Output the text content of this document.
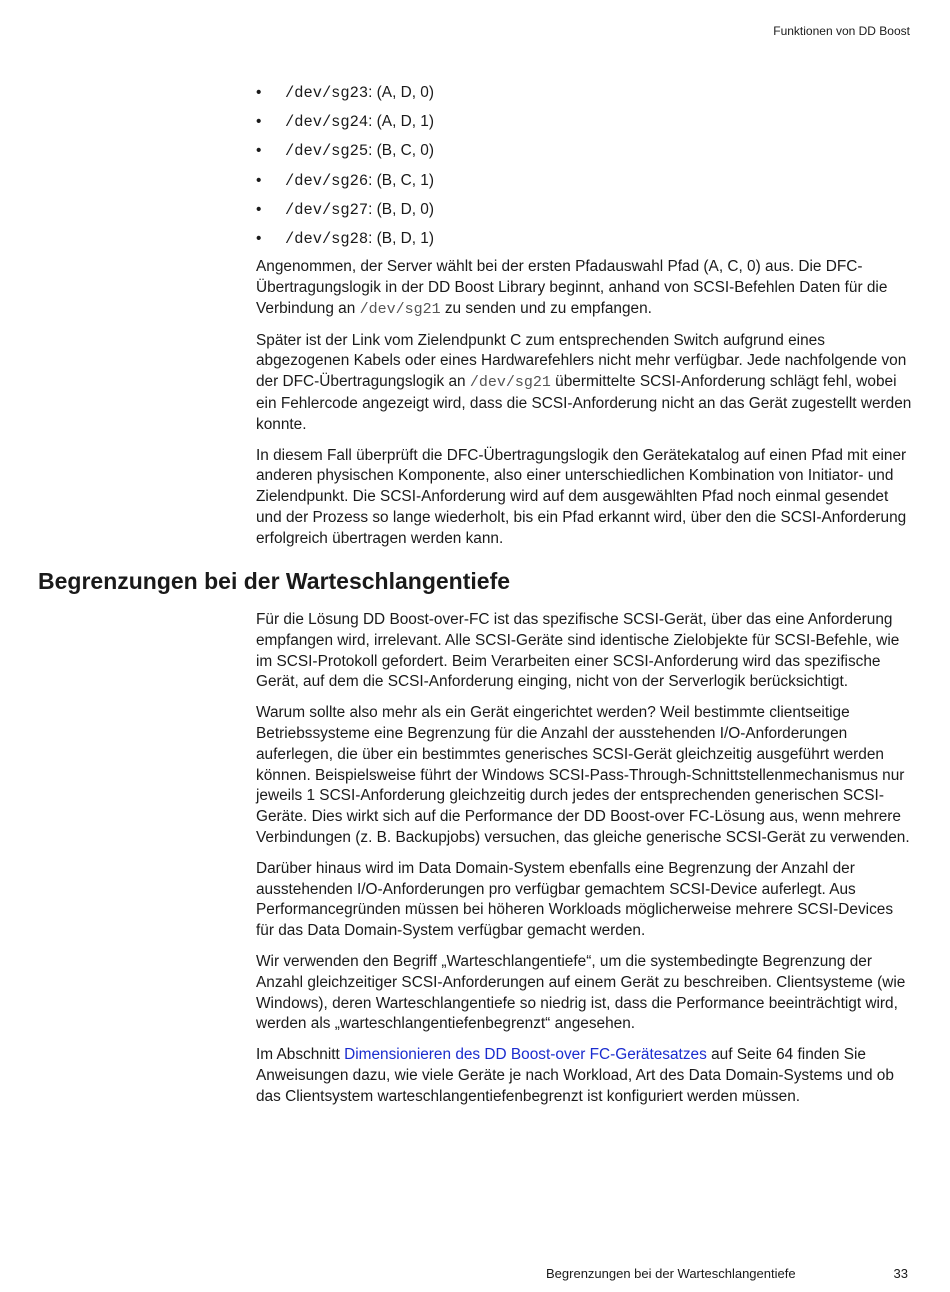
Funktionen von DD Boost
• /dev/sg23: (A, D, 0)
• /dev/sg24: (A, D, 1)
• /dev/sg25: (B, C, 0)
• /dev/sg26: (B, C, 1)
• /dev/sg27: (B, D, 0)
• /dev/sg28: (B, D, 1)

Angenommen, der Server wählt bei der ersten Pfadauswahl Pfad (A, C, 0) aus. Die DFC-Übertragungslogik in der DD Boost Library beginnt, anhand von SCSI-Befehlen Daten für die Verbindung an /dev/sg21 zu senden und zu empfangen.

Später ist der Link vom Zielendpunkt C zum entsprechenden Switch aufgrund eines abgezogenen Kabels oder eines Hardwarefehlers nicht mehr verfügbar. Jede nachfolgende von der DFC-Übertragungslogik an /dev/sg21 übermittelte SCSI-Anforderung schlägt fehl, wobei ein Fehlercode angezeigt wird, dass die SCSI-Anforderung nicht an das Gerät zugestellt werden konnte.

In diesem Fall überprüft die DFC-Übertragungslogik den Gerätekatalog auf einen Pfad mit einer anderen physischen Komponente, also einer unterschiedlichen Kombination von Initiator- und Zielendpunkt. Die SCSI-Anforderung wird auf dem ausgewählten Pfad noch einmal gesendet und der Prozess so lange wiederholt, bis ein Pfad erkannt wird, über den die SCSI-Anforderung erfolgreich übertragen werden kann.

Begrenzungen bei der Warteschlangentiefe

Für die Lösung DD Boost-over-FC ist das spezifische SCSI-Gerät, über das eine Anforderung empfangen wird, irrelevant. Alle SCSI-Geräte sind identische Zielobjekte für SCSI-Befehle, wie im SCSI-Protokoll gefordert. Beim Verarbeiten einer SCSI-Anforderung wird das spezifische Gerät, auf dem die SCSI-Anforderung einging, nicht von der Serverlogik berücksichtigt.

Warum sollte also mehr als ein Gerät eingerichtet werden? Weil bestimmte clientseitige Betriebssysteme eine Begrenzung für die Anzahl der ausstehenden I/O-Anforderungen auferlegen, die über ein bestimmtes generisches SCSI-Gerät gleichzeitig ausgeführt werden können. Beispielsweise führt der Windows SCSI-Pass-Through-Schnittstellenmechanismus nur jeweils 1 SCSI-Anforderung gleichzeitig durch jedes der entsprechenden generischen SCSI-Geräte. Dies wirkt sich auf die Performance der DD Boost-over FC-Lösung aus, wenn mehrere Verbindungen (z. B. Backupjobs) versuchen, das gleiche generische SCSI-Gerät zu verwenden.

Darüber hinaus wird im Data Domain-System ebenfalls eine Begrenzung der Anzahl der ausstehenden I/O-Anforderungen pro verfügbar gemachtem SCSI-Device auferlegt. Aus Performancegründen müssen bei höheren Workloads möglicherweise mehrere SCSI-Devices für das Data Domain-System verfügbar gemacht werden.

Wir verwenden den Begriff „Warteschlangentiefe“, um die systembedingte Begrenzung der Anzahl gleichzeitiger SCSI-Anforderungen auf einem Gerät zu beschreiben. Clientsysteme (wie Windows), deren Warteschlangentiefe so niedrig ist, dass die Performance beeinträchtigt wird, werden als „warteschlangentiefenbegrenzt“ angesehen.

Im Abschnitt Dimensionieren des DD Boost-over FC-Gerätesatzes auf Seite 64 finden Sie Anweisungen dazu, wie viele Geräte je nach Workload, Art des Data Domain-Systems und ob das Clientsystem warteschlangentiefenbegrenzt ist konfiguriert werden müssen.

Begrenzungen bei der Warteschlangentiefe	33
